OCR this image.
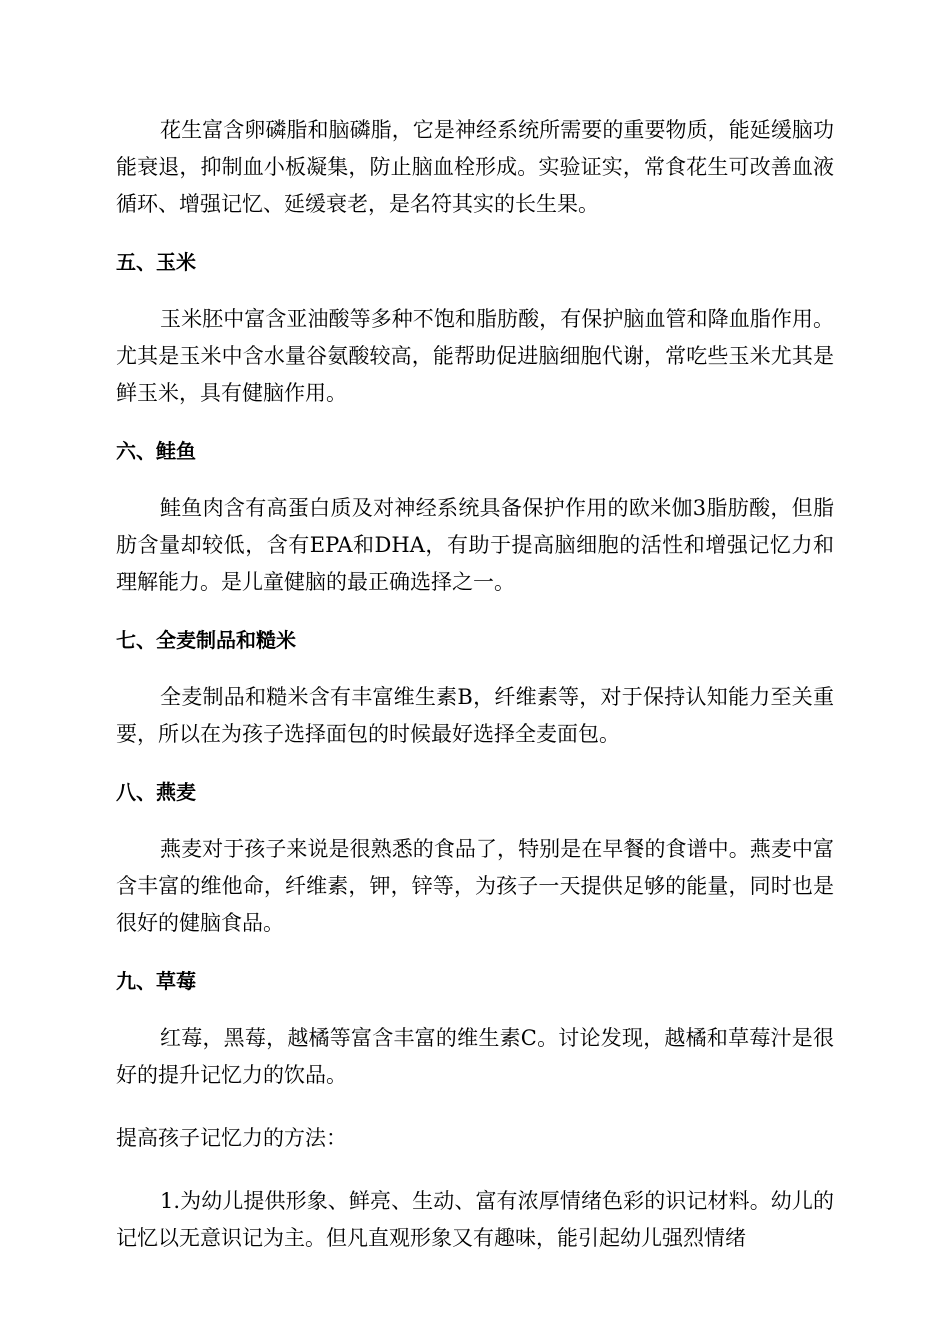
花生富含卵磷脂和脑磷脂，它是神经系统所需要的重要物质，能延缓脑功能衰退，抑制血小板凝集，防止脑血栓形成。实验证实，常食花生可改善血液循环、增强记忆、延缓衰老，是名符其实的长生果。

五、玉米

玉米胚中富含亚油酸等多种不饱和脂肪酸，有保护脑血管和降血脂作用。尤其是玉米中含水量谷氨酸较高，能帮助促进脑细胞代谢，常吃些玉米尤其是鲜玉米，具有健脑作用。

六、鲑鱼

鲑鱼肉含有高蛋白质及对神经系统具备保护作用的欧米伽3脂肪酸，但脂肪含量却较低，含有EPA和DHA，有助于提高脑细胞的活性和增强记忆力和理解能力。是儿童健脑的最正确选择之一。

七、全麦制品和糙米

全麦制品和糙米含有丰富维生素B，纤维素等，对于保持认知能力至关重要，所以在为孩子选择面包的时候最好选择全麦面包。

八、燕麦

燕麦对于孩子来说是很熟悉的食品了，特别是在早餐的食谱中。燕麦中富含丰富的维他命，纤维素，钾，锌等，为孩子一天提供足够的能量，同时也是很好的健脑食品。

九、草莓

红莓，黑莓，越橘等富含丰富的维生素C。讨论发现，越橘和草莓汁是很好的提升记忆力的饮品。

提高孩子记忆力的方法：

1.为幼儿提供形象、鲜亮、生动、富有浓厚情绪色彩的识记材料。幼儿的记忆以无意识记为主。但凡直观形象又有趣味，能引起幼儿强烈情绪
